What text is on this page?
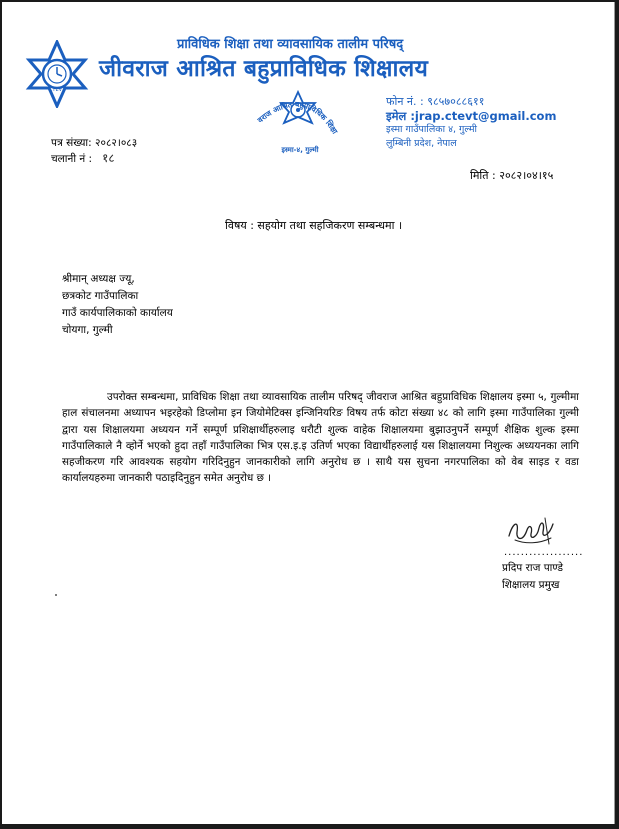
CTEVT
प्राविधिक शिक्षा तथा व्यावसायिक तालीम परिषद्
जीवराज आश्रित बहुप्राविधिक शिक्षालय
जीवराज आश्रित बहुप्राविधिक शिक्षालय
इस्मा-४, गुल्मी
फोन नं. : ९८५७०८८६११
इमेल :jrap.ctevt@gmail.com
इस्मा गाउँपालिका ४, गुल्मी
लुम्बिनी प्रदेश, नेपाल
पत्र संख्या: २०८२।०८३
चलानी नं : १८
मिति : २०८२।०४।१५
विषय : सहयोग तथा सहजिकरण सम्बन्धमा ।
श्रीमान् अध्यक्ष ज्यू,
छत्रकोट गाउँपालिका
गाउँ कार्यपालिकाको कार्यालय
चोयगा, गुल्मी
उपरोक्त सम्बन्धमा, प्राविधिक शिक्षा तथा व्यावसायिक तालीम परिषद् जीवराज आश्रित बहुप्राविधिक शिक्षालय इस्मा ५, गुल्मीमा हाल संचालनमा अध्यापन भइरहेको डिप्लोमा इन जियोमेटिक्स इन्जिनियरिङ विषय तर्फ कोटा संख्या ४८ को लागि इस्मा गाउँपालिका गुल्मी द्वारा यस शिक्षालयमा अध्ययन गर्ने सम्पूर्ण प्रशिक्षार्थीहरुलाइ धरौटी शुल्क वाहेक शिक्षालयमा बुझाउनुपर्ने सम्पूर्ण शैक्षिक शुल्क इस्मा गाउँपालिकाले नै व्होर्ने भएको हुदा तहाँ गाउँपालिका भित्र एस.इ.इ उतिर्ण भएका विद्यार्थीहरुलाई यस शिक्षालयमा निशुल्क अध्ययनका लागि सहजीकरण गरि आवश्यक सहयोग गरिदिनुहुन जानकारीको लागि अनुरोध छ । साथै यस सुचना नगरपालिका को वेब साइड र वडा कार्यालयहरुमा जानकारी पठाइदिनुहुन समेत अनुरोध छ ।
...................
प्रदिप राज पाण्डे
शिक्षालय प्रमुख
